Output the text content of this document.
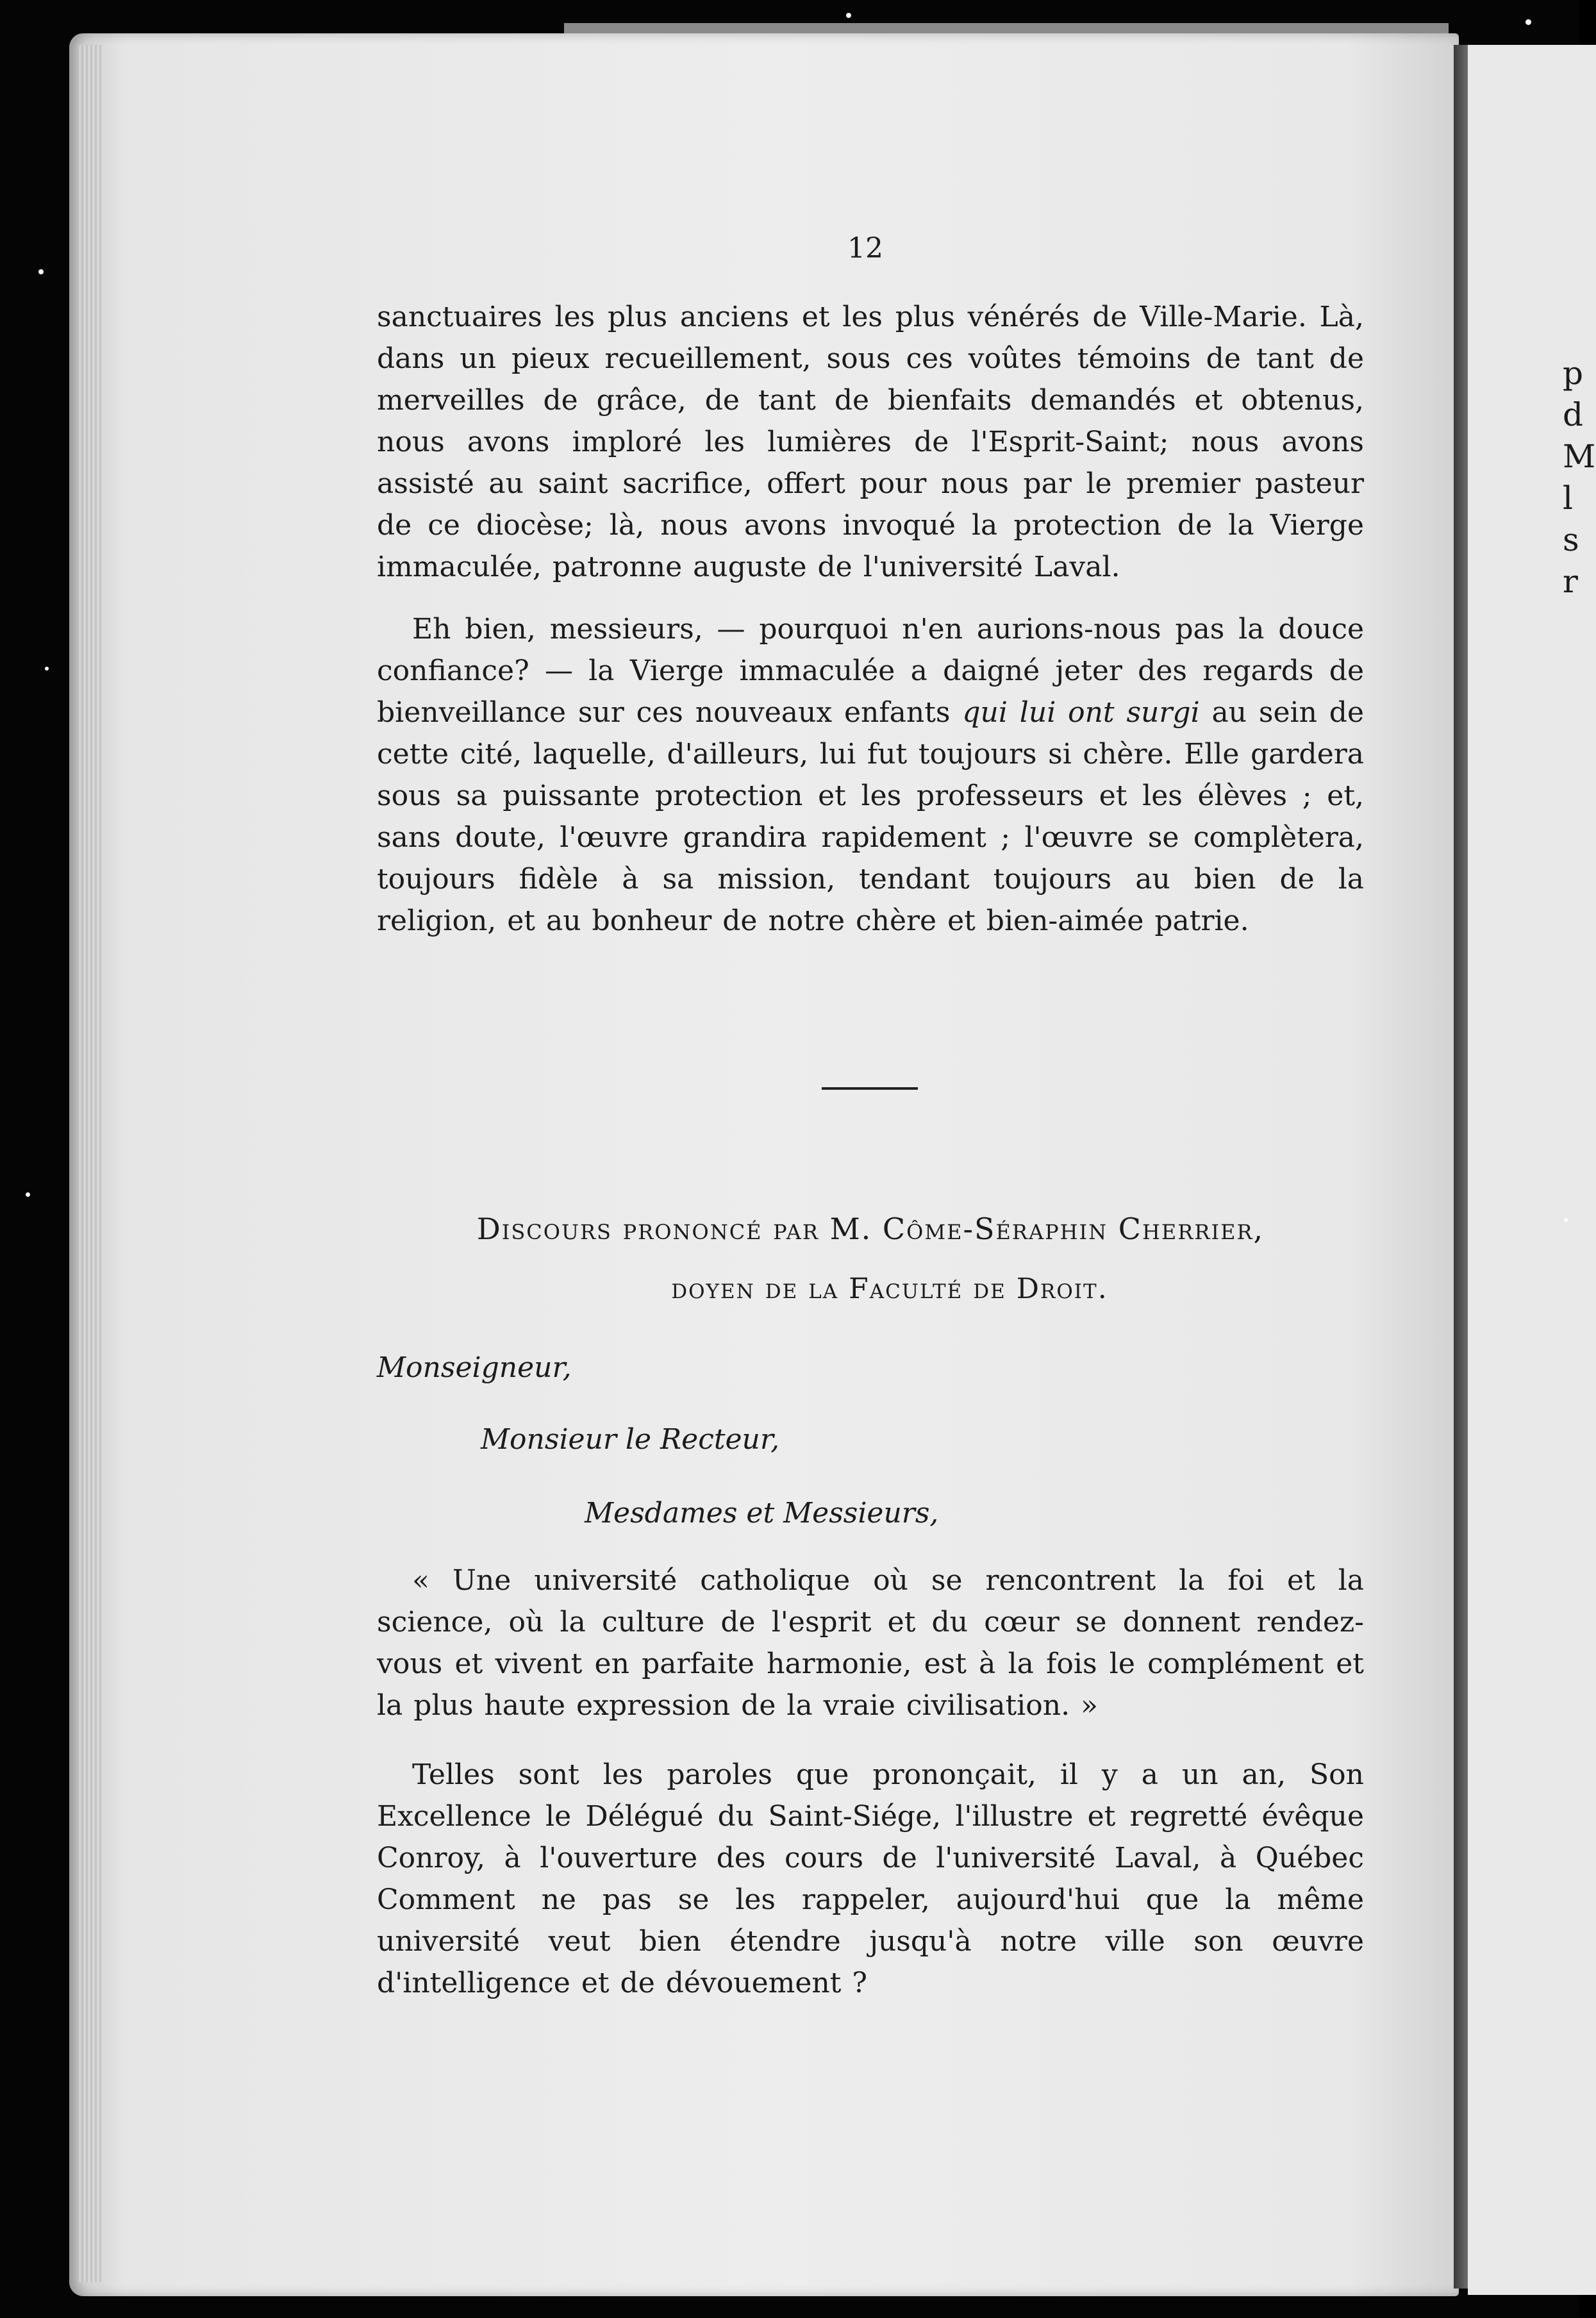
p
d
M
l
s
r
12

sanctuaires les plus anciens et les plus vénérés de Ville-Marie. Là, dans un pieux recueillement, sous ces voûtes témoins de tant de merveilles de grâce, de tant de bienfaits demandés et obtenus, nous avons imploré les lumières de l'Esprit-Saint; nous avons assisté au saint sacrifice, offert pour nous par le premier pasteur de ce diocèse; là, nous avons invoqué la protection de la Vierge immaculée, patronne auguste de l'université Laval.

Eh bien, messieurs, — pourquoi n'en aurions-nous pas la douce confiance? — la Vierge immaculée a daigné jeter des regards de bienveillance sur ces nouveaux enfants qui lui ont surgi au sein de cette cité, laquelle, d'ailleurs, lui fut toujours si chère. Elle gardera sous sa puissante protection et les professeurs et les élèves ; et, sans doute, l'œuvre grandira rapidement ; l'œuvre se complètera, toujours fidèle à sa mission, tendant toujours au bien de la religion, et au bonheur de notre chère et bien-aimée patrie.

Discours prononcé par M. Côme-Séraphin Cherrier,
doyen de la Faculté de Droit.
Monseigneur,
Monsieur le Recteur,
Mesdames et Messieurs,

« Une université catholique où se rencontrent la foi et la science, où la culture de l'esprit et du cœur se donnent rendez-vous et vivent en parfaite harmonie, est à la fois le complément et la plus haute expression de la vraie civilisation. »

Telles sont les paroles que prononçait, il y a un an, Son Excellence le Délégué du Saint-Siége, l'illustre et regretté évêque Conroy, à l'ouverture des cours de l'université Laval, à Québec Comment ne pas se les rappeler, aujourd'hui que la même université veut bien étendre jusqu'à notre ville son œuvre d'intelligence et de dévouement ?
